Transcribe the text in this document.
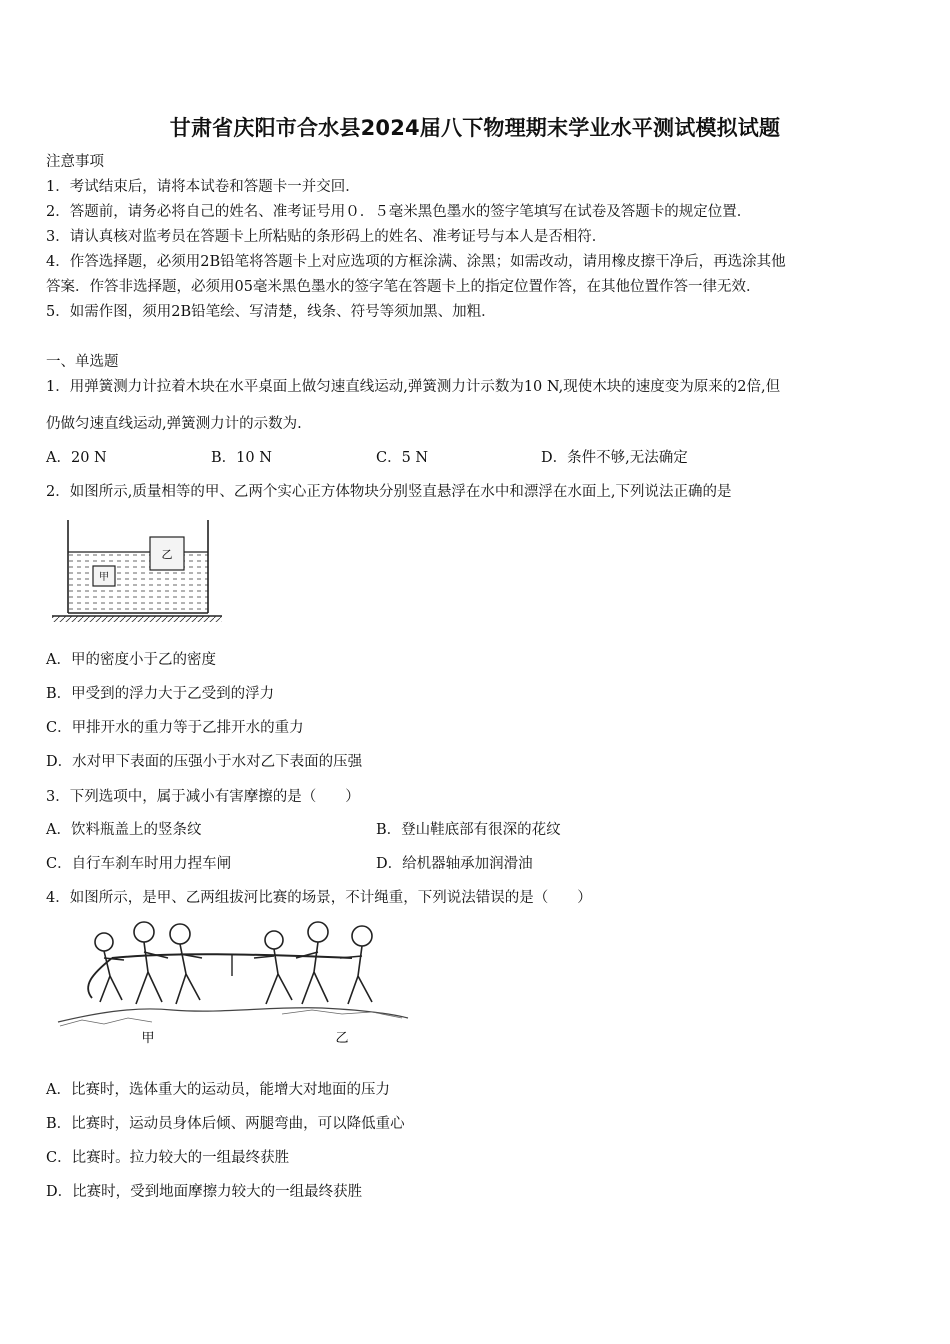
甘肃省庆阳市合水县2024届八下物理期末学业水平测试模拟试题
注意事项
1．考试结束后，请将本试卷和答题卡一并交回．
2．答题前，请务必将自己的姓名、准考证号用０．５毫米黑色墨水的签字笔填写在试卷及答题卡的规定位置．
3．请认真核对监考员在答题卡上所粘贴的条形码上的姓名、准考证号与本人是否相符．
4．作答选择题，必须用2B铅笔将答题卡上对应选项的方框涂满、涂黑；如需改动，请用橡皮擦干净后，再选涂其他
答案．作答非选择题，必须用05毫米黑色墨水的签字笔在答题卡上的指定位置作答，在其他位置作答一律无效．
5．如需作图，须用2B铅笔绘、写清楚，线条、符号等须加黑、加粗．
一、单选题
1．用弹簧测力计拉着木块在水平桌面上做匀速直线运动,弹簧测力计示数为10 N,现使木块的速度变为原来的2倍,但
仍做匀速直线运动,弹簧测力计的示数为.
A．20 N	B．10 N	C．5 N	D．条件不够,无法确定
2．如图所示,质量相等的甲、乙两个实心正方体物块分别竖直悬浮在水中和漂浮在水面上,下列说法正确的是
甲
乙
A．甲的密度小于乙的密度
B．甲受到的浮力大于乙受到的浮力
C．甲排开水的重力等于乙排开水的重力
D．水对甲下表面的压强小于水对乙下表面的压强
3．下列选项中，属于减小有害摩擦的是（　　）
A．饮料瓶盖上的竖条纹	B．登山鞋底部有很深的花纹
C．自行车刹车时用力捏车闸	D．给机器轴承加润滑油
4．如图所示，是甲、乙两组拔河比赛的场景，不计绳重，下列说法错误的是（　　）
甲	乙
A．比赛时，选体重大的运动员，能增大对地面的压力
B．比赛时，运动员身体后倾、两腿弯曲，可以降低重心
C．比赛时。拉力较大的一组最终获胜
D．比赛时，受到地面摩擦力较大的一组最终获胜
